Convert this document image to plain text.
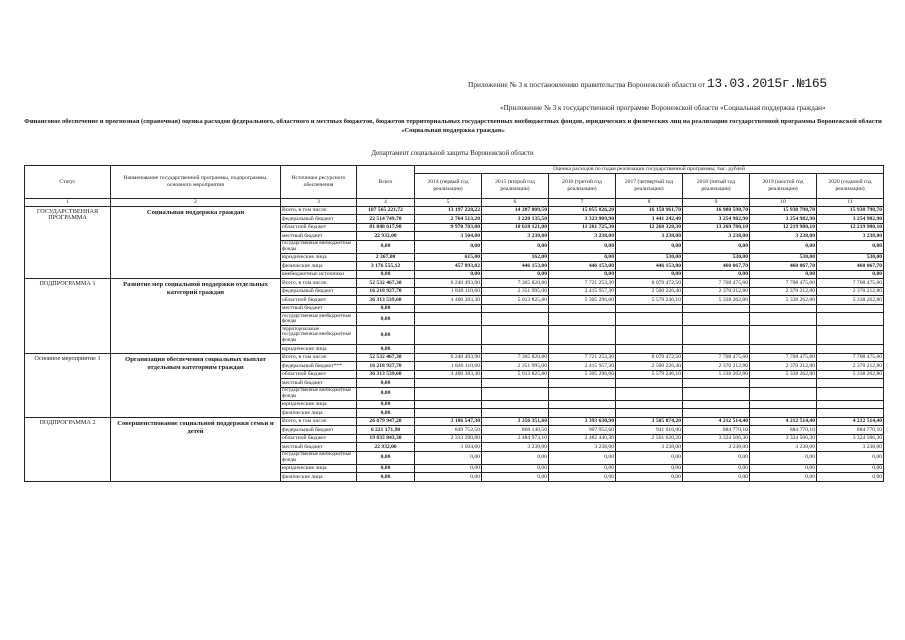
Приложение № 3 к постановлению правительства Воронежской области от 13.03.2015г.№165
«Приложение № 3 к государственной программе Воронежской области «Социальная поддержка граждан»
Финансовое обеспечение и прогнозная (справочная) оценка расходов федерального, областного и местных бюджетов, бюджетов территориальных государственных внебюджетных фондов, юридических и физических лиц на реализацию государственной программы Воронежской области «Социальная поддержка граждан»
Департамент социальной защиты Воронежской области
Статус	Наименование государственной программы, подпрограммы, основного мероприятия	Источники ресурсного обеспечения	Всего	Оценка расходов по годам реализации государственной программы, тыс. рублей						
				2014 (первый год реализации)	2015 (второй год реализации)	2016 (третий год реализации)	2017 (четвертый год реализации)	2018 (пятый год реализации)	2019 (шестой год реализации)	2020 (седьмой год реализации)
1	2	3	4	5	6	7	8	9	10	11
ГОСУДАРСТВЕННАЯ ПРОГРАММА	Социальная поддержка граждан	Всего, в том числе:	107 565 221,72	13 197 228,22	14 287 809,50	15 055 026,20	16 158 961,70	16 988 598,70	15 938 798,70	15 938 798,70
		федеральный бюджет	22 514 749,70	2 764 513,20	3 220 135,50	3 323 909,90	3 441 242,40	3 254 982,90	3 254 982,90	3 254 982,90
		областной бюджет	81 848 617,90	9 970 703,00	10 618 121,00	11 281 725,30	12 268 328,30	13 269 780,10	12 219 980,10	12 219 980,10
		местный бюджет	22 932,00	3 504,00	3 238,00	3 238,00	3 238,00	3 238,00	3 238,00	3 238,00
		государственные внебюджетные фонды	0,00	0,00	0,00	0,00	0,00	0,00	0,00	0,00
		юридические лица	2 367,00	615,00	162,00	0,00	530,00	530,00	530,00	530,00
		физические лица	3 176 555,12	457 893,02	446 153,00	446 153,00	446 153,00	460 067,70	460 067,70	460 067,70
		внебюджетные источники	0,00	0,00	0,00	0,00	0,00	0,00	0,00	0,00
ПОДПРОГРАММА 1	Развитие мер социальной поддержки отдельных категорий граждан	Всего, в том числе:	52 532 467,30	6 240 493,90	7 365 820,80	7 721 253,30	8 079 472,50	7 708 475,60	7 708 475,60	7 708 475,60
		федеральный бюджет	16 218 927,70	1 840 110,60	2 351 995,00	2 415 957,30	2 500 226,40	2 370 212,80	2 370 212,80	2 370 212,80
		областной бюджет	36 313 539,60	4 400 383,30	5 013 825,80	5 305 296,00	5 579 246,10	5 338 262,80	5 338 262,80	5 338 262,80
		местный бюджет	0,00							
		государственные внебюджетные фонды	0,00							
		территориальные государственные внебюджетные фонды	0,00							
		юридические лица	0,00							
Основное мероприятие 1	Организация обеспечения социальных выплат отдельным категориям граждан	Всего, в том числе:	52 532 467,30	6 240 493,90	7 365 820,80	7 721 253,30	8 079 472,50	7 708 475,60	7 708 475,60	7 708 475,60
		федеральный бюджет***	16 218 927,70	1 840 110,60	2 351 995,00	2 415 957,30	2 500 226,40	2 370 212,80	2 370 212,80	2 370 212,80
		областной бюджет	36 313 539,60	4 400 383,30	5 013 825,80	5 305 296,00	5 579 246,10	5 338 262,80	5 338 262,80	5 338 262,80
		местный бюджет	0,00							
		государственные внебюджетные фонды	0,00							
		юридические лица	0,00							
		физические лица	0,00							
ПОДПРОГРАММА 2	Совершенствование социальной поддержки семьи и детей	Всего, в том числе:	26 079 947,20	3 186 547,30	3 356 351,60	3 393 630,90	3 505 874,20	4 212 514,40	4 212 514,40	4 212 514,40
		федеральный бюджет	6 221 171,90	849 752,50	868 140,50	907 952,60	941 016,00	884 770,10	884 770,10	884 770,10
		областной бюджет	19 835 843,30	2 333 290,80	2 484 973,10	2 482 440,30	2 561 620,20	3 324 506,30	3 324 506,30	3 324 506,30
		местный бюджет	22 932,00	3 504,00	3 238,00	3 238,00	3 238,00	3 238,00	3 238,00	3 238,00
		государственные внебюджетные фонды	0,00	0,00	0,00	0,00	0,00	0,00	0,00	0,00
		юридические лица	0,00	0,00	0,00	0,00	0,00	0,00	0,00	0,00
		физические лица	0,00	0,00	0,00	0,00	0,00	0,00	0,00	0,00
